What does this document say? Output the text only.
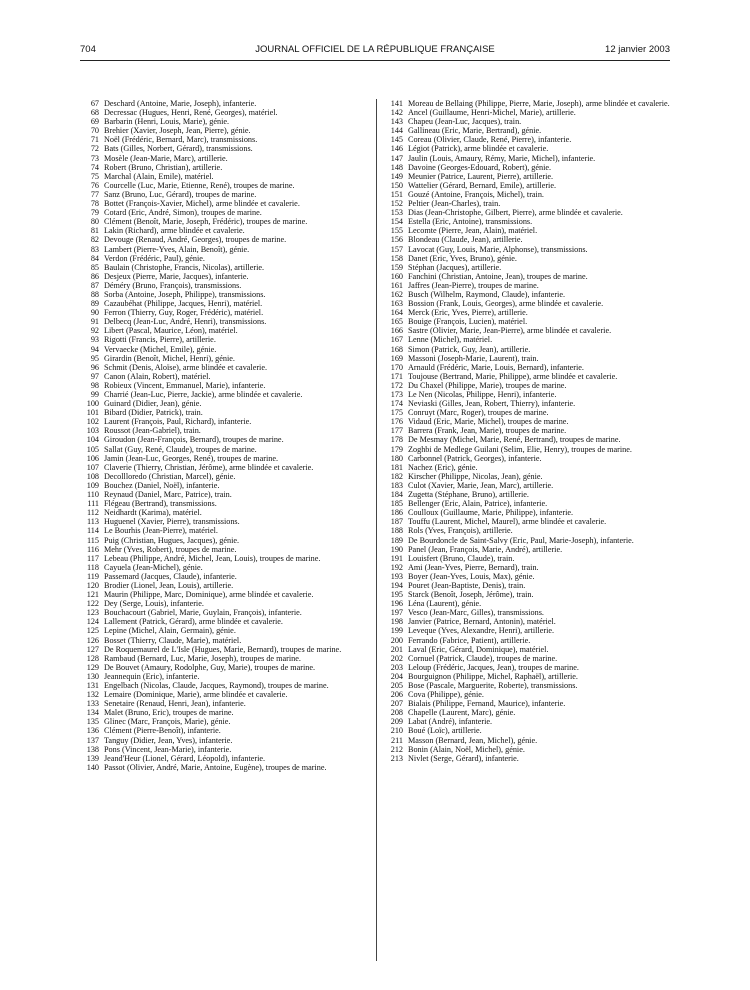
704	JOURNAL OFFICIEL DE LA RÉPUBLIQUE FRANÇAISE	12 janvier 2003
67 Deschard (Antoine, Marie, Joseph), infanterie.
68 Decressac (Hugues, Henri, René, Georges), matériel.
69 Barbarin (Henri, Louis, Marie), génie.
70 Brehier (Xavier, Joseph, Jean, Pierre), génie.
71 Noël (Frédéric, Bernard, Marc), transmissions.
72 Bats (Gilles, Norbert, Gérard), transmissions.
73 Mosèle (Jean-Marie, Marc), artillerie.
74 Robert (Bruno, Christian), artillerie.
75 Marchal (Alain, Emile), matériel.
76 Courcelle (Luc, Marie, Etienne, René), troupes de marine.
77 Sanz (Bruno, Luc, Gérard), troupes de marine.
78 Bottet (François-Xavier, Michel), arme blindée et cavalerie.
79 Cotard (Eric, André, Simon), troupes de marine.
80 Clément (Benoît, Marie, Joseph, Frédéric), troupes de marine.
81 Lakin (Richard), arme blindée et cavalerie.
82 Devouge (Renaud, André, Georges), troupes de marine.
83 Lambert (Pierre-Yves, Alain, Benoît), génie.
84 Verdon (Frédéric, Paul), génie.
85 Baulain (Christophe, Francis, Nicolas), artillerie.
86 Desjeux (Pierre, Marie, Jacques), infanterie.
87 Déméry (Bruno, François), transmissions.
88 Sorba (Antoine, Joseph, Philippe), transmissions.
89 Cazaubéhat (Philippe, Jacques, Henri), matériel.
90 Ferron (Thierry, Guy, Roger, Frédéric), matériel.
91 Delbecq (Jean-Luc, André, Henri), transmissions.
92 Libert (Pascal, Maurice, Léon), matériel.
93 Rigotti (Francis, Pierre), artillerie.
94 Vervaecke (Michel, Emile), génie.
95 Girardin (Benoît, Michel, Henri), génie.
96 Schmit (Denis, Aloïse), arme blindée et cavalerie.
97 Canon (Alain, Robert), matériel.
98 Robieux (Vincent, Emmanuel, Marie), infanterie.
99 Charrié (Jean-Luc, Pierre, Jackie), arme blindée et cavalerie.
100 Guinard (Didier, Jean), génie.
101 Bibard (Didier, Patrick), train.
102 Laurent (François, Paul, Richard), infanterie.
103 Roussot (Jean-Gabriel), train.
104 Giroudon (Jean-François, Bernard), troupes de marine.
105 Sallat (Guy, René, Claude), troupes de marine.
106 Jamin (Jean-Luc, Georges, René), troupes de marine.
107 Claverie (Thierry, Christian, Jérôme), arme blindée et cavalerie.
108 Decollloredo (Christian, Marcel), génie.
109 Bouchez (Daniel, Noël), infanterie.
110 Reynaud (Daniel, Marc, Patrice), train.
111 Flégeau (Bertrand), transmissions.
112 Neidhardt (Karima), matériel.
113 Huguenel (Xavier, Pierre), transmissions.
114 Le Bourhis (Jean-Pierre), matériel.
115 Puig (Christian, Hugues, Jacques), génie.
116 Mehr (Yves, Robert), troupes de marine.
117 Lebeau (Philippe, André, Michel, Jean, Louis), troupes de marine.
118 Cayuela (Jean-Michel), génie.
119 Passemard (Jacques, Claude), infanterie.
120 Brodier (Lionel, Jean, Louis), artillerie.
121 Maurin (Philippe, Marc, Dominique), arme blindée et cavalerie.
122 Dey (Serge, Louis), infanterie.
123 Bouchacourt (Gabriel, Marie, Guylain, François), infanterie.
124 Lallement (Patrick, Gérard), arme blindée et cavalerie.
125 Lepine (Michel, Alain, Germain), génie.
126 Bosset (Thierry, Claude, Marie), matériel.
127 De Roquemaurel de L'Isle (Hugues, Marie, Bernard), troupes de marine.
128 Rambaud (Bernard, Luc, Marie, Joseph), troupes de marine.
129 De Bouvet (Amaury, Rodolphe, Guy, Marie), troupes de marine.
130 Jeannequin (Eric), infanterie.
131 Engelbach (Nicolas, Claude, Jacques, Raymond), troupes de marine.
132 Lemaire (Dominique, Marie), arme blindée et cavalerie.
133 Senetaire (Renaud, Henri, Jean), infanterie.
134 Malet (Bruno, Eric), troupes de marine.
135 Glinec (Marc, François, Marie), génie.
136 Clément (Pierre-Benoît), infanterie.
137 Tanguy (Didier, Jean, Yves), infanterie.
138 Pons (Vincent, Jean-Marie), infanterie.
139 Jeand'Heur (Lionel, Gérard, Léopold), infanterie.
140 Passot (Olivier, André, Marie, Antoine, Eugène), troupes de marine.
141 Moreau de Bellaing (Philippe, Pierre, Marie, Joseph), arme blindée et cavalerie.
142 Ancel (Guillaume, Henri-Michel, Marie), artillerie.
143 Chapeu (Jean-Luc, Jacques), train.
144 Gallineau (Eric, Marie, Bertrand), génie.
145 Coreau (Olivier, Claude, René, Pierre), infanterie.
146 Légiot (Patrick), arme blindée et cavalerie.
147 Jaulin (Louis, Amaury, Rémy, Marie, Michel), infanterie.
148 Davoine (Georges-Edouard, Robert), génie.
149 Meunier (Patrice, Laurent, Pierre), artillerie.
150 Wattelier (Gérard, Bernard, Emile), artillerie.
151 Gouzé (Antoine, François, Michel), train.
152 Peltier (Jean-Charles), train.
153 Dias (Jean-Christophe, Gilbert, Pierre), arme blindée et cavalerie.
154 Estella (Eric, Antoine), transmissions.
155 Lecomte (Pierre, Jean, Alain), matériel.
156 Blondeau (Claude, Jean), artillerie.
157 Lavocat (Guy, Louis, Marie, Alphonse), transmissions.
158 Danet (Eric, Yves, Bruno), génie.
159 Stéphan (Jacques), artillerie.
160 Fanchini (Christian, Antoine, Jean), troupes de marine.
161 Jaffres (Jean-Pierre), troupes de marine.
162 Busch (Wilhelm, Raymond, Claude), infanterie.
163 Bossion (Frank, Louis, Georges), arme blindée et cavalerie.
164 Merck (Eric, Yves, Pierre), artillerie.
165 Bouige (François, Lucien), matériel.
166 Sastre (Olivier, Marie, Jean-Pierre), arme blindée et cavalerie.
167 Lenne (Michel), matériel.
168 Simon (Patrick, Guy, Jean), artillerie.
169 Massoni (Joseph-Marie, Laurent), train.
170 Arnauld (Frédéric, Marie, Louis, Bernard), infanterie.
171 Toujouse (Bertrand, Marie, Philippe), arme blindée et cavalerie.
172 Du Chaxel (Philippe, Marie), troupes de marine.
173 Le Nen (Nicolas, Philippe, Henri), infanterie.
174 Neviaski (Gilles, Jean, Robert, Thierry), infanterie.
175 Conruyt (Marc, Roger), troupes de marine.
176 Vidaud (Eric, Marie, Michel), troupes de marine.
177 Barrera (Frank, Jean, Marie), troupes de marine.
178 De Mesmay (Michel, Marie, René, Bertrand), troupes de marine.
179 Zoghbi de Medlege Guilani (Selim, Elie, Henry), troupes de marine.
180 Carbonnel (Patrick, Georges), infanterie.
181 Nachez (Eric), génie.
182 Kirscher (Philippe, Nicolas, Jean), génie.
183 Culot (Xavier, Marie, Jean, Marc), artillerie.
184 Zugetta (Stéphane, Bruno), artillerie.
185 Bellenger (Eric, Alain, Patrice), infanterie.
186 Coulloux (Guillaume, Marie, Philippe), infanterie.
187 Touffu (Laurent, Michel, Maurel), arme blindée et cavalerie.
188 Rols (Yves, François), artillerie.
189 De Bourdoncle de Saint-Salvy (Eric, Paul, Marie-Joseph), infanterie.
190 Panel (Jean, François, Marie, André), artillerie.
191 Louisfert (Bruno, Claude), train.
192 Ami (Jean-Yves, Pierre, Bernard), train.
193 Boyer (Jean-Yves, Louis, Max), génie.
194 Pouret (Jean-Baptiste, Denis), train.
195 Starck (Benoît, Joseph, Jérôme), train.
196 Léna (Laurent), génie.
197 Vesco (Jean-Marc, Gilles), transmissions.
198 Janvier (Patrice, Bernard, Antonin), matériel.
199 Leveque (Yves, Alexandre, Henri), artillerie.
200 Ferrando (Fabrice, Patient), artillerie.
201 Laval (Eric, Gérard, Dominique), matériel.
202 Cornuel (Patrick, Claude), troupes de marine.
203 Leloup (Frédéric, Jacques, Jean), troupes de marine.
204 Bourguignon (Philippe, Michel, Raphaël), artillerie.
205 Bose (Pascale, Marguerite, Roberte), transmissions.
206 Cova (Philippe), génie.
207 Bialais (Philippe, Fernand, Maurice), infanterie.
208 Chapelle (Laurent, Marc), génie.
209 Labat (André), infanterie.
210 Boué (Loïc), artillerie.
211 Masson (Bernard, Jean, Michel), génie.
212 Bonin (Alain, Noël, Michel), génie.
213 Nivlet (Serge, Gérard), infanterie.
